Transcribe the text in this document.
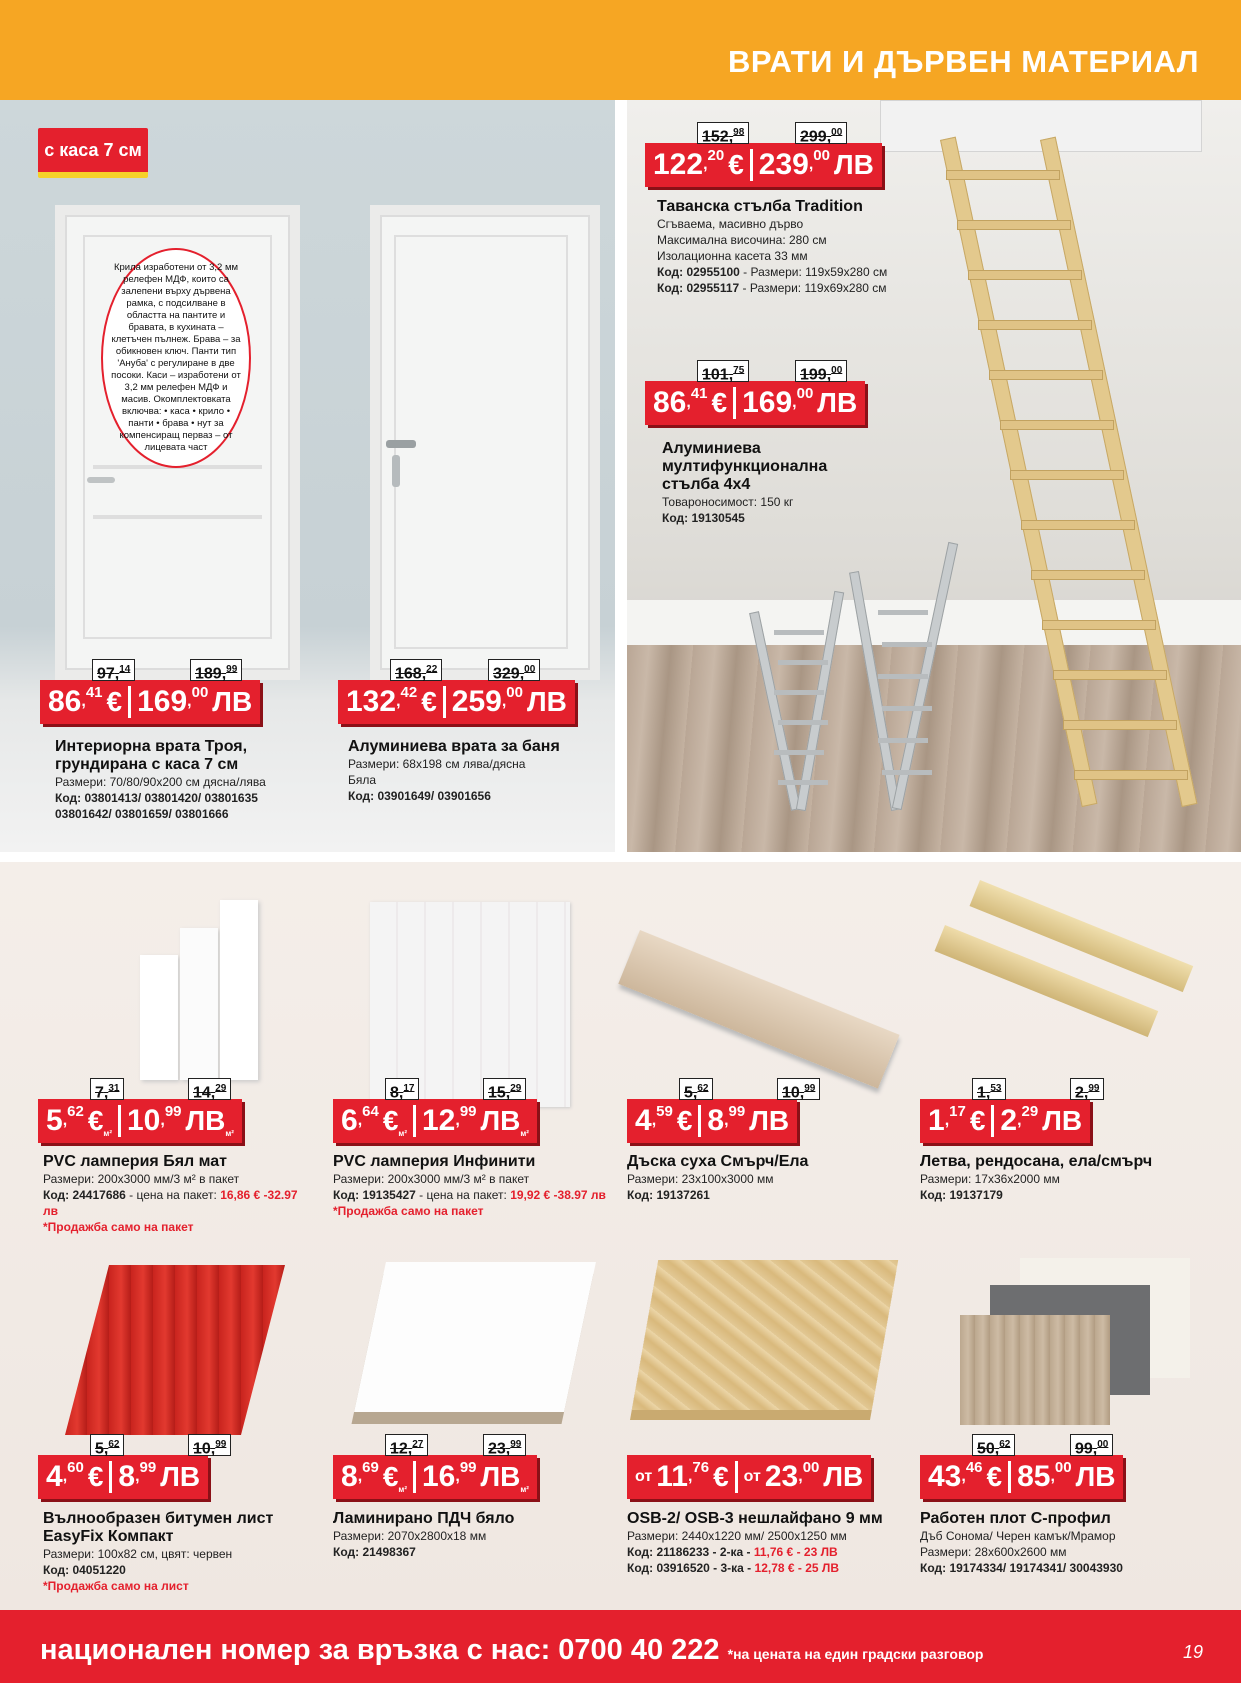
ВРАТИ И ДЪРВЕН МАТЕРИАЛ
с каса 7 см
Крила изработени от 3,2 мм релефен МДФ, които са залепени върху дървена рамка, с подсилване в областта на пантите и бравата, в кухината – клетъчен пълнеж. Брава – за обикновен ключ. Панти тип 'Ануба' с регулиране в две посоки. Каси – изработени от 3,2 мм релефен МДФ и масив. Окомплектовката включва: • каса • крило • панти • брава • нут за компенсиращ перваз – от лицевата част
97,14	189,99
86 ,
41 € 169 ,
00 ЛВ
168,22	329,00
132 ,
42 € 259 ,
00 ЛВ
152,98	299,00
122 ,
20 € 239 ,
00 ЛВ
101,75	199,00
86 ,
41 € 169 ,
00 ЛВ
7,31	14,29
5 ,
62 € м² 10 ,
99 ЛВ м²
8,17	15,29
6 ,
64 € м² 12 ,
99 ЛВ м²
5,62	10,99
4 ,
59 € 8 ,
99 ЛВ
1,53	2,99
1 ,
17 € 2 ,
29 ЛВ
5,62	10,99
4 ,
60 € 8 ,
99 ЛВ
12,27	23,99
8 ,
69 € м² 16 ,
99 ЛВ м²
от 11 ,
76 € от 23 ,
00 ЛВ
50,62	99,00
43 ,
46 € 85 ,
00 ЛВ
Интериорна врата Троя, грундирана с каса 7 см
Размери: 70/80/90x200 см дясна/лява
Код: 03801413/ 03801420/ 03801635 03801642/ 03801659/ 03801666
Алуминиева врата за баня
Размери: 68x198 см лява/дясна
Бяла
Код: 03901649/ 03901656
Таванска стълба Tradition
Сгъваема, масивно дърво
Максимална височина: 280 см
Изолационна касета 33 мм
Код: 02955100 - Размери: 119x59x280 см
Код: 02955117 - Размери: 119x69x280 см
Алуминиева мултифункционална стълба 4x4
Товароносимост: 150 кг
Код: 19130545
PVC ламперия Бял мат
Размери: 200x3000 мм/3 м² в пакет
Код: 24417686 - цена на пакет: 16,86 € -32.97 лв
*Продажба само на пакет
PVC ламперия Инфинити
Размери: 200x3000 мм/3 м² в пакет
Код: 19135427 - цена на пакет: 19,92 € -38.97 лв
*Продажба само на пакет
Дъска суха Смърч/Ела
Размери: 23x100x3000 мм
Код: 19137261
Летва, рендосана, ела/смърч
Размери: 17x36x2000 мм
Код: 19137179
Вълнообразен битумен лист EasyFix Компакт
Размери: 100x82 см, цвят: червен
Код: 04051220
*Продажба само на лист
Ламинирано ПДЧ бяло
Размери: 2070x2800x18 мм
Код: 21498367
OSB-2/ OSB-3 нешлайфано 9 мм
Размери: 2440x1220 мм/ 2500x1250 мм
Код: 21186233 - 2-ка - 11,76 € - 23 ЛВ
Код: 03916520 - 3-ка - 12,78 € - 25 ЛВ
Работен плот С-профил
Дъб Сонома/ Черен камък/Мрамор
Размери: 28x600x2600 мм
Код: 19174334/ 19174341/ 30043930
национален номер за връзка с нас: 0700 40 222 *на цената на един градски разговор	19
